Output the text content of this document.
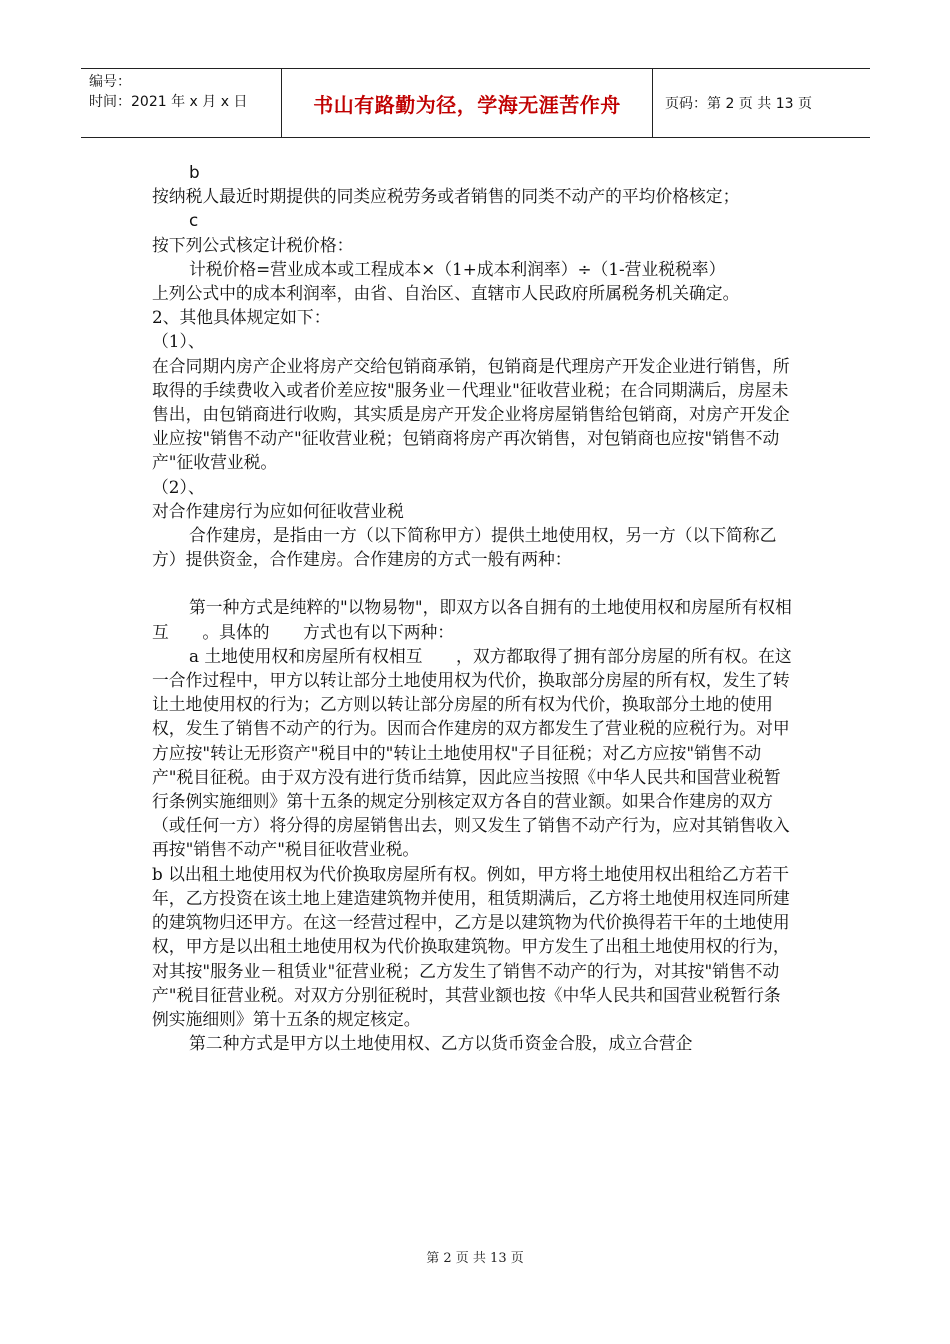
编号：
时间：2021 年 x 月 x 日	书山有路勤为径，学海无涯苦作舟	页码：第 2 页 共 13 页

b

按纳税人最近时期提供的同类应税劳务或者销售的同类不动产的平均价格核定；

c

按下列公式核定计税价格：

计税价格=营业成本或工程成本×（1+成本利润率）÷（1-营业税税率）

上列公式中的成本利润率，由省、自治区、直辖市人民政府所属税务机关确定。

2、其他具体规定如下：

（1）、

在合同期内房产企业将房产交给包销商承销，包销商是代理房产开发企业进行销售，所取得的手续费收入或者价差应按"服务业－代理业"征收营业税；在合同期满后，房屋未售出，由包销商进行收购，其实质是房产开发企业将房屋销售给包销商，对房产开发企业应按"销售不动产"征收营业税；包销商将房产再次销售，对包销商也应按"销售不动产"征收营业税。

（2）、

对合作建房行为应如何征收营业税

合作建房，是指由一方（以下简称甲方）提供土地使用权，另一方（以下简称乙方）提供资金，合作建房。合作建房的方式一般有两种：

第一种方式是纯粹的"以物易物"，即双方以各自拥有的土地使用权和房屋所有权相互　　。具体的　　方式也有以下两种：

a 土地使用权和房屋所有权相互　　，双方都取得了拥有部分房屋的所有权。在这一合作过程中，甲方以转让部分土地使用权为代价，换取部分房屋的所有权，发生了转让土地使用权的行为；乙方则以转让部分房屋的所有权为代价，换取部分土地的使用权，发生了销售不动产的行为。因而合作建房的双方都发生了营业税的应税行为。对甲方应按"转让无形资产"税目中的"转让土地使用权"子目征税；对乙方应按"销售不动产"税目征税。由于双方没有进行货币结算，因此应当按照《中华人民共和国营业税暂行条例实施细则》第十五条的规定分别核定双方各自的营业额。如果合作建房的双方（或任何一方）将分得的房屋销售出去，则又发生了销售不动产行为，应对其销售收入再按"销售不动产"税目征收营业税。

b 以出租土地使用权为代价换取房屋所有权。例如，甲方将土地使用权出租给乙方若干年，乙方投资在该土地上建造建筑物并使用，租赁期满后，乙方将土地使用权连同所建的建筑物归还甲方。在这一经营过程中，乙方是以建筑物为代价换得若干年的土地使用权，甲方是以出租土地使用权为代价换取建筑物。甲方发生了出租土地使用权的行为，对其按"服务业－租赁业"征营业税；乙方发生了销售不动产的行为，对其按"销售不动产"税目征营业税。对双方分别征税时，其营业额也按《中华人民共和国营业税暂行条例实施细则》第十五条的规定核定。

第二种方式是甲方以土地使用权、乙方以货币资金合股，成立合营企

第 2 页 共 13 页
